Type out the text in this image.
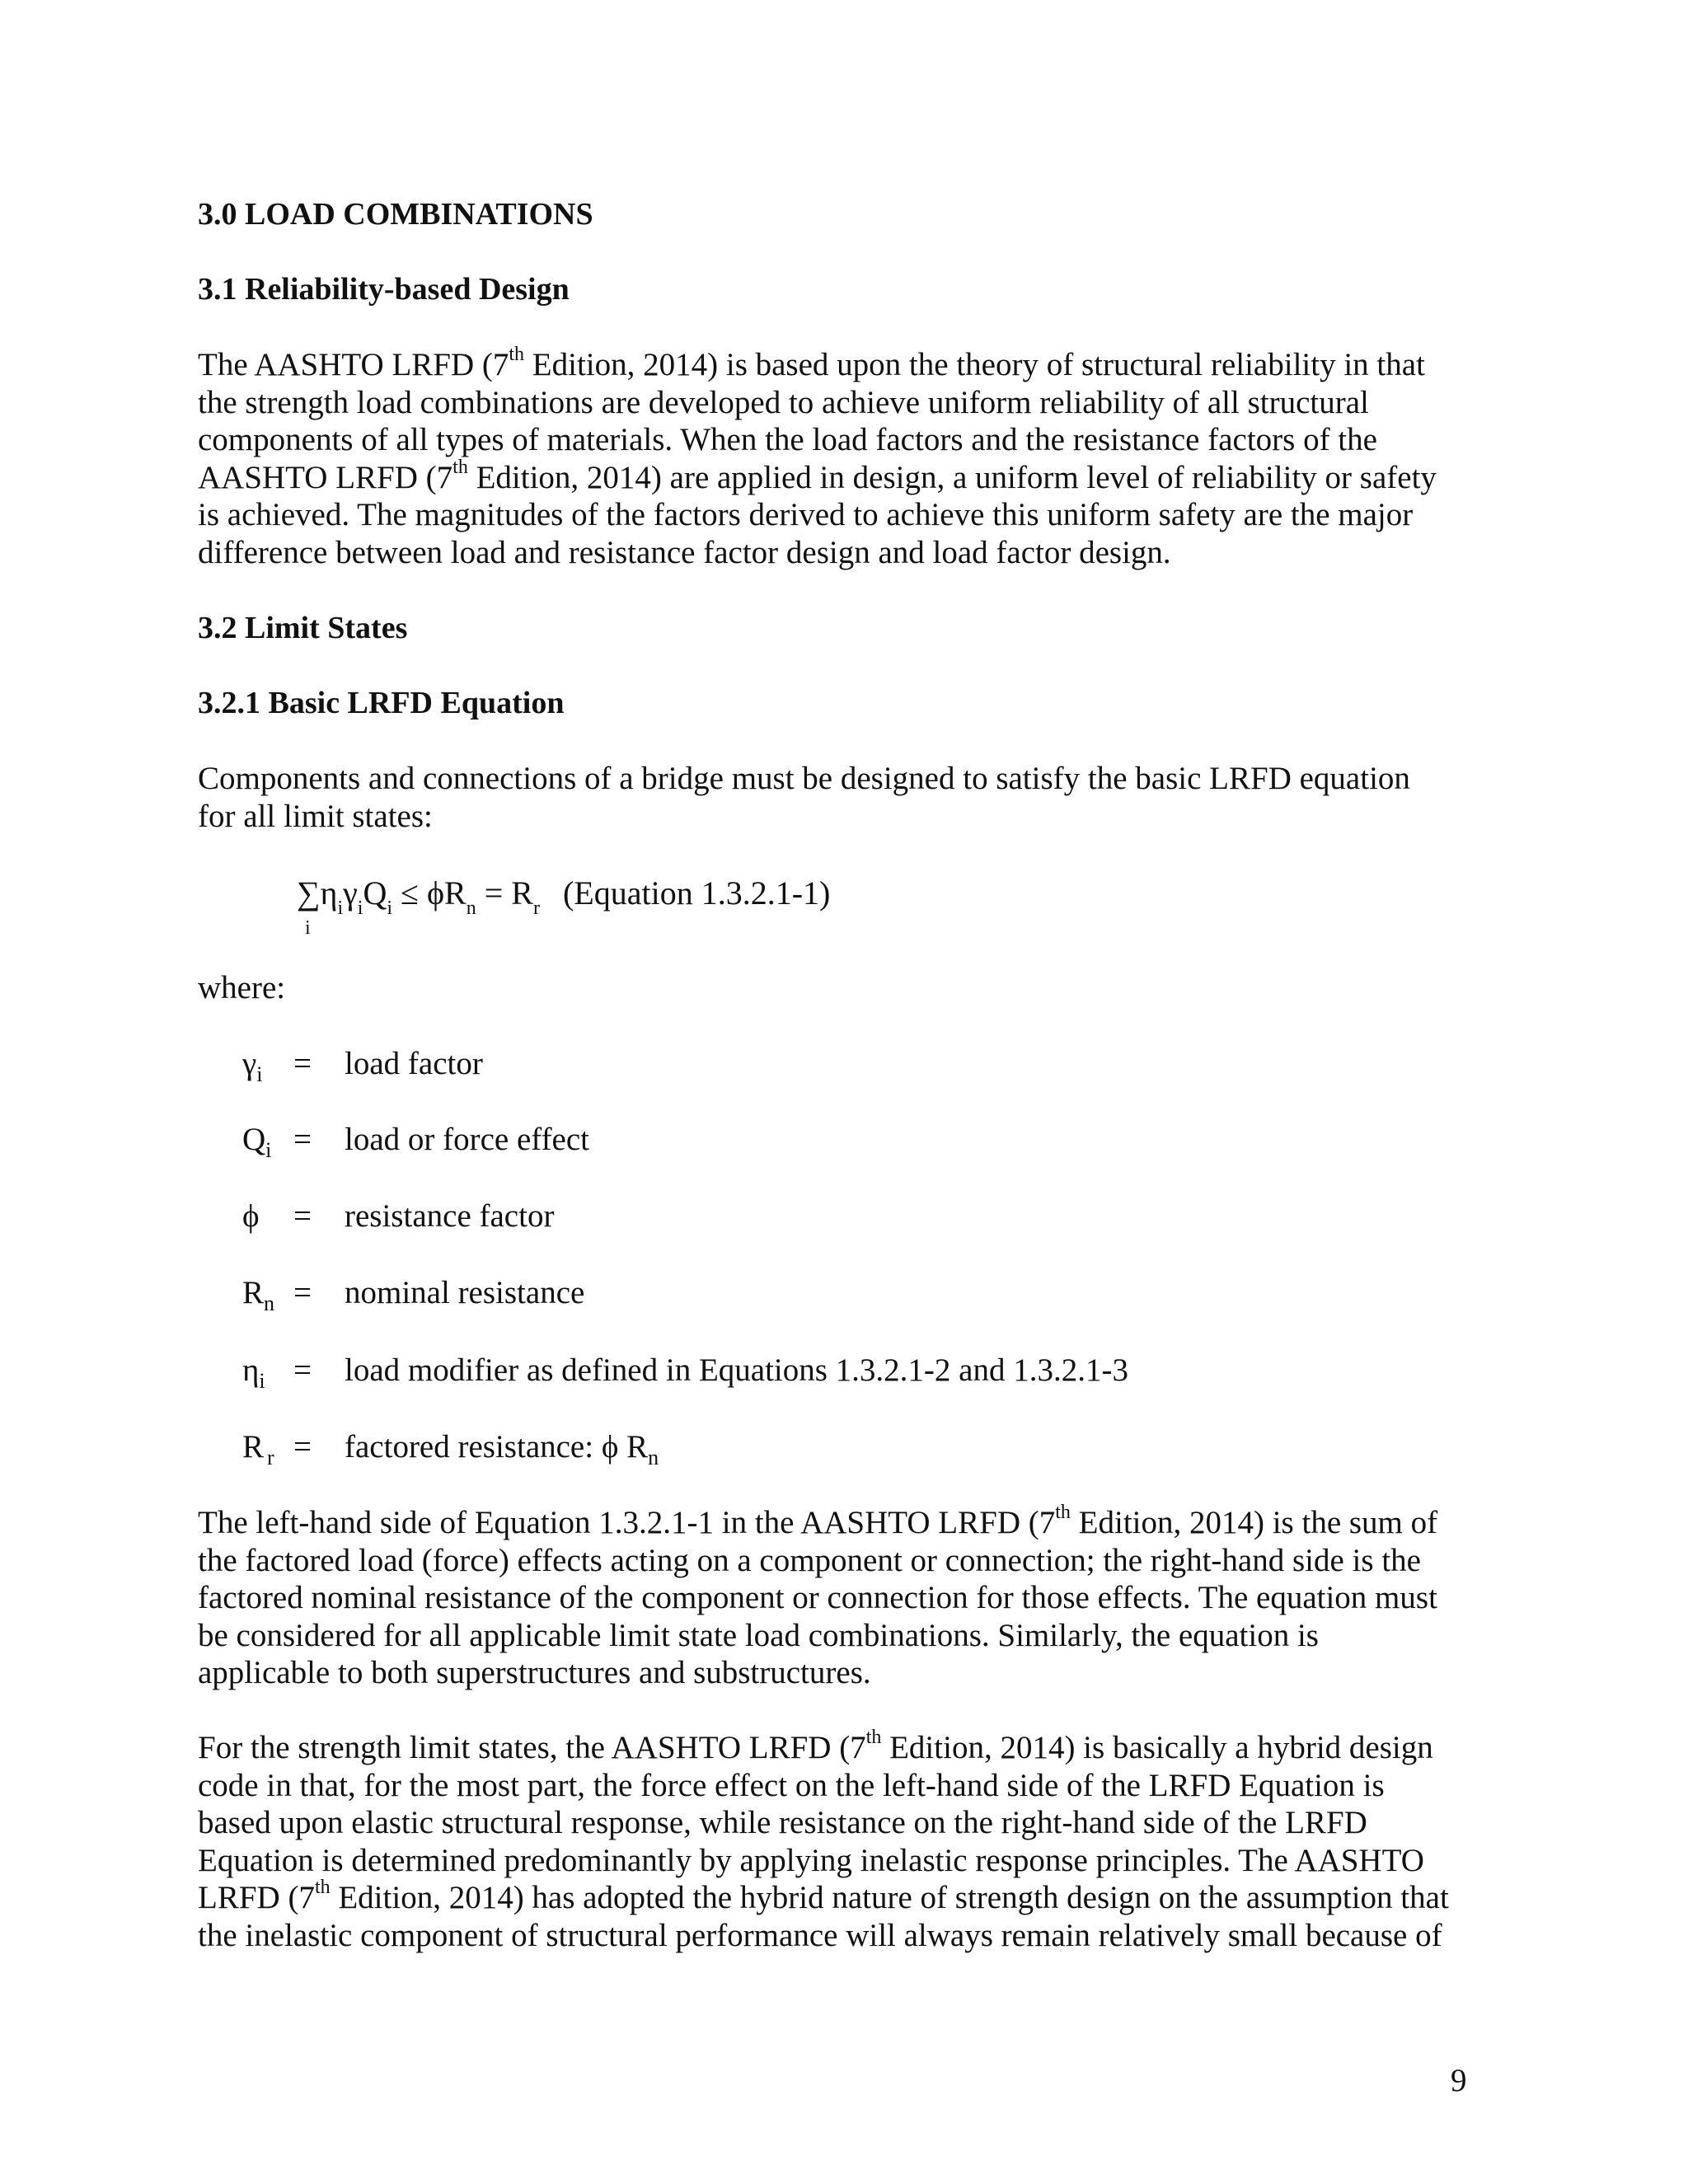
3.0 LOAD COMBINATIONS
3.1 Reliability-based Design
The AASHTO LRFD (7th Edition, 2014) is based upon the theory of structural reliability in that
the strength load combinations are developed to achieve uniform reliability of all structural
components of all types of materials. When the load factors and the resistance factors of the
AASHTO LRFD (7th Edition, 2014) are applied in design, a uniform level of reliability or safety
is achieved. The magnitudes of the factors derived to achieve this uniform safety are the major
difference between load and resistance factor design and load factor design.
3.2 Limit States
3.2.1 Basic LRFD Equation
Components and connections of a bridge must be designed to satisfy the basic LRFD equation
for all limit states:
∑
i
$\eta_i\gamma_iQ_i \le \phi R_n = R_r$ (Equation 1.3.2.1-1)
where:
$\gamma_i$ = load factor
$Q_i$ = load or force effect
ϕ = resistance factor
$R_n$ = nominal resistance
$\eta_i$ = load modifier as defined in Equations 1.3.2.1-2 and 1.3.2.1-3
R $_r$ = factored resistance: ϕ $R_n$
The left-hand side of Equation 1.3.2.1-1 in the AASHTO LRFD (7th Edition, 2014) is the sum of
the factored load (force) effects acting on a component or connection; the right-hand side is the
factored nominal resistance of the component or connection for those effects. The equation must
be considered for all applicable limit state load combinations. Similarly, the equation is
applicable to both superstructures and substructures.
For the strength limit states, the AASHTO LRFD (7th Edition, 2014) is basically a hybrid design
code in that, for the most part, the force effect on the left-hand side of the LRFD Equation is
based upon elastic structural response, while resistance on the right-hand side of the LRFD
Equation is determined predominantly by applying inelastic response principles. The AASHTO
LRFD (7th Edition, 2014) has adopted the hybrid nature of strength design on the assumption that
the inelastic component of structural performance will always remain relatively small because of
9
